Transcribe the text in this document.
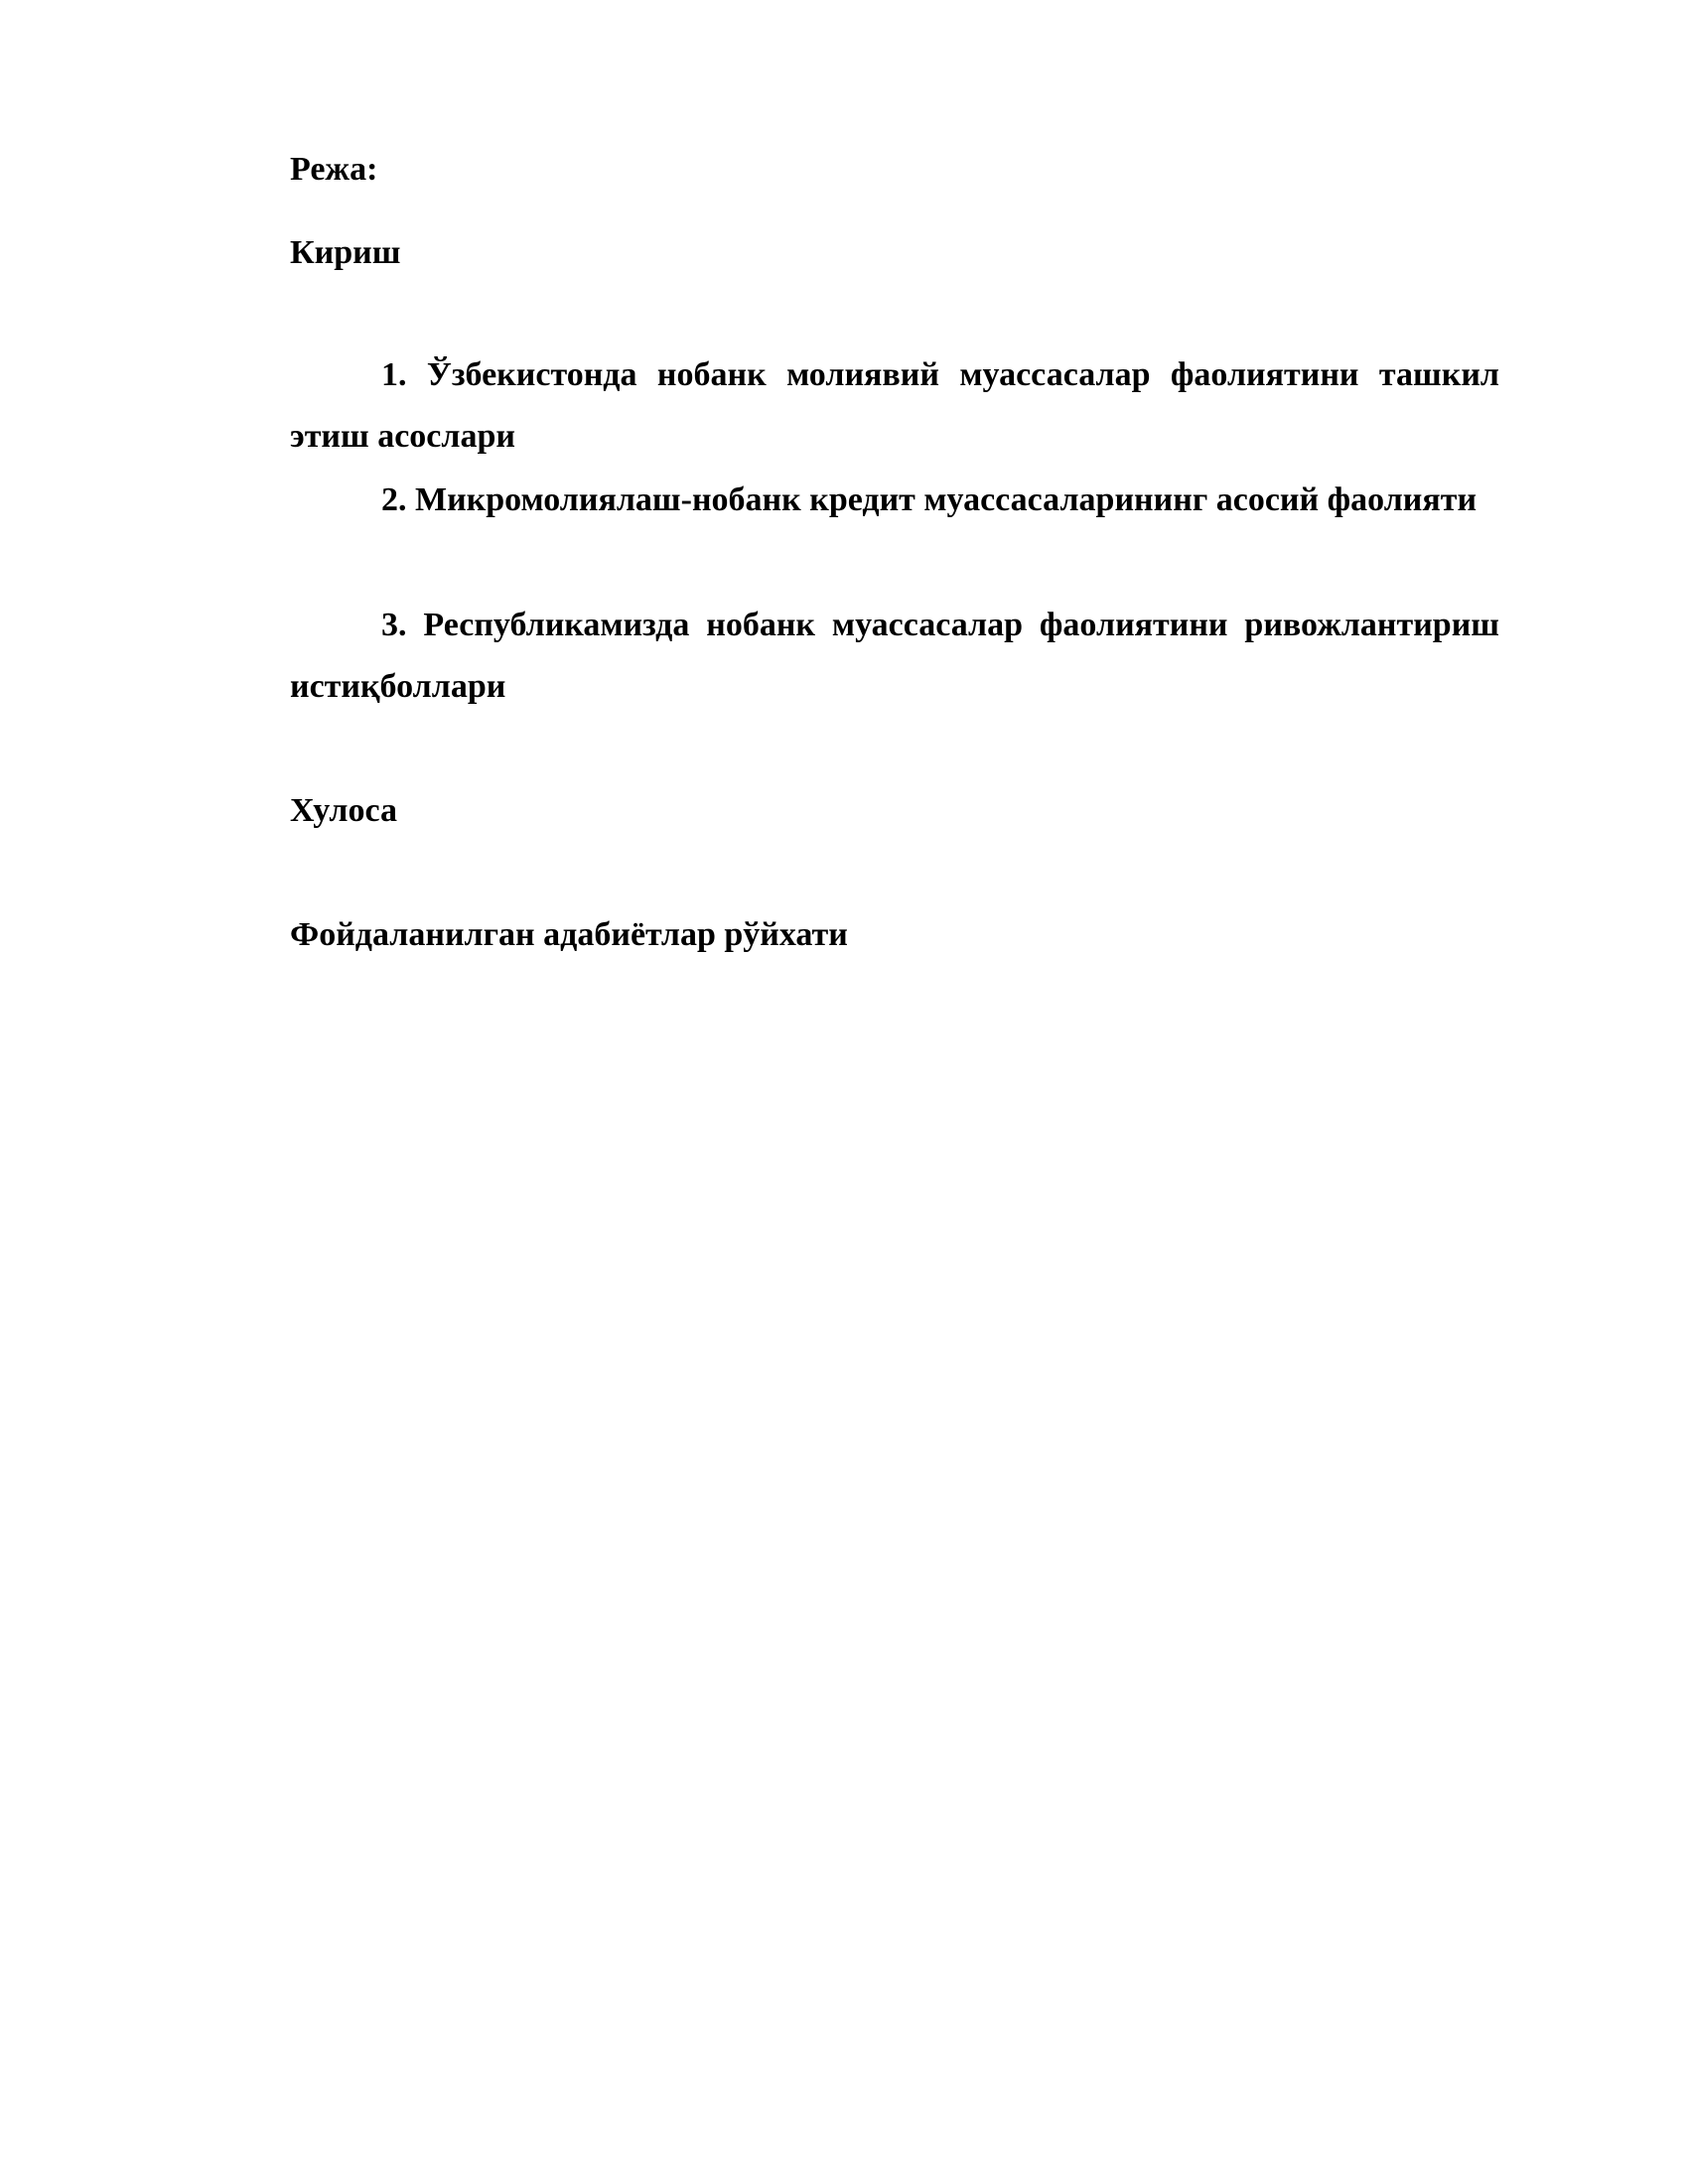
Режа:

Кириш

1. Ўзбекистонда нобанк молиявий муассасалар фаолиятини ташкил этиш асослари

2. Микромолиялаш-нобанк кредит муассасаларининг асосий фаолияти

3. Республикамизда нобанк муассасалар фаолиятини ривожлантириш истиқболлари

Хулоса

Фойдаланилган адабиётлар рўйхати
